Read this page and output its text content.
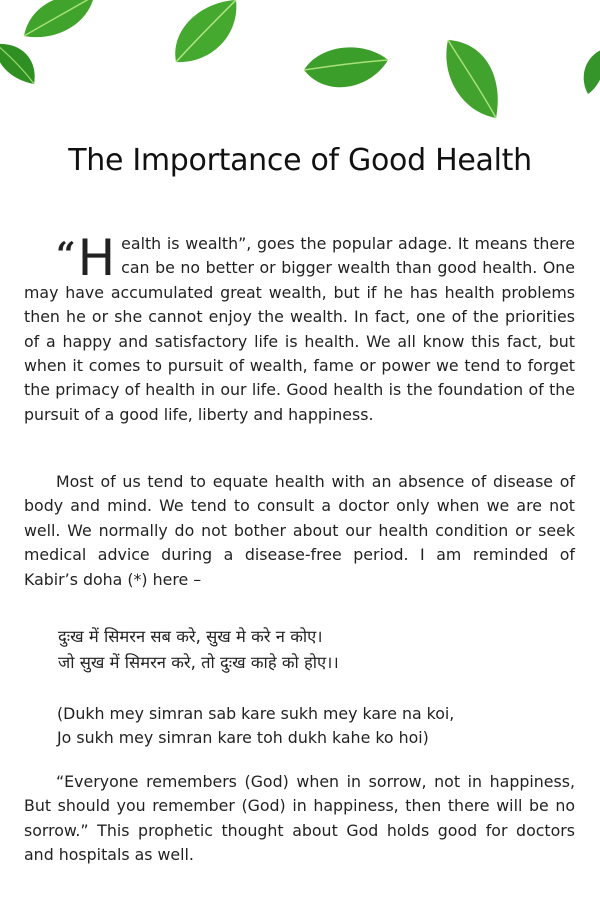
The Importance of Good Health

“ H ealth is wealth”, goes the popular adage. It means there can be no better or bigger wealth than good health. One may have accumulated great wealth, but if he has health problems then he or she cannot enjoy the wealth. In fact, one of the priorities of a happy and satisfactory life is health. We all know this fact, but when it comes to pursuit of wealth, fame or power we tend to forget the primacy of health in our life. Good health is the foundation of the pursuit of a good life, liberty and happiness.

Most of us tend to equate health with an absence of disease of body and mind. We tend to consult a doctor only when we are not well. We normally do not bother about our health condition or seek medical advice during a disease-free period. I am reminded of Kabir’s doha (*) here –

दुःख में सिमरन सब करे, सुख मे करे न कोए।
जो सुख में सिमरन करे, तो दुःख काहे को होए।।

(Dukh mey simran sab kare sukh mey kare na koi,
Jo sukh mey simran kare toh dukh kahe ko hoi)

“Everyone remembers (God) when in sorrow, not in happiness, But should you remember (God) in happiness, then there will be no sorrow.” This prophetic thought about God holds good for doctors and hospitals as well.
